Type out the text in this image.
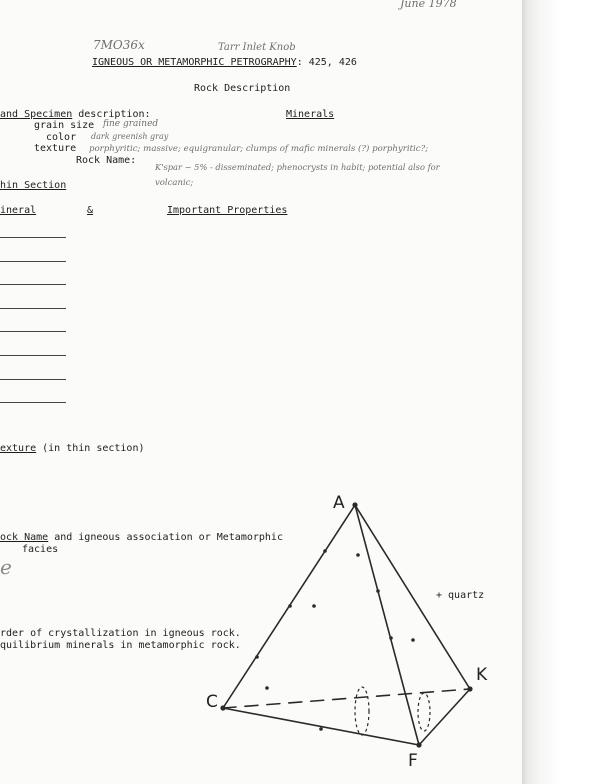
June 1978
7MO36x	Tarr Inlet Knob
IGNEOUS OR METAMORPHIC PETROGRAPHY: 425, 426
Rock Description
and Specimen description:	Minerals
grain size fine grained
color dark greenish gray
texture porphyritic; massive; equigranular; clumps of mafic minerals (?) porphyritic?;
Rock Name:
K'spar ~ 5% - disseminated; phenocrysts in habit; potential also for
volcanic;
hin Section
ineral	&	Important Properties
exture (in thin section)
ock Name and igneous association or Metamorphic
facies
e
rder of crystallization in igneous rock.
quilibrium minerals in metamorphic rock.
A
C
K
F
+ quartz
